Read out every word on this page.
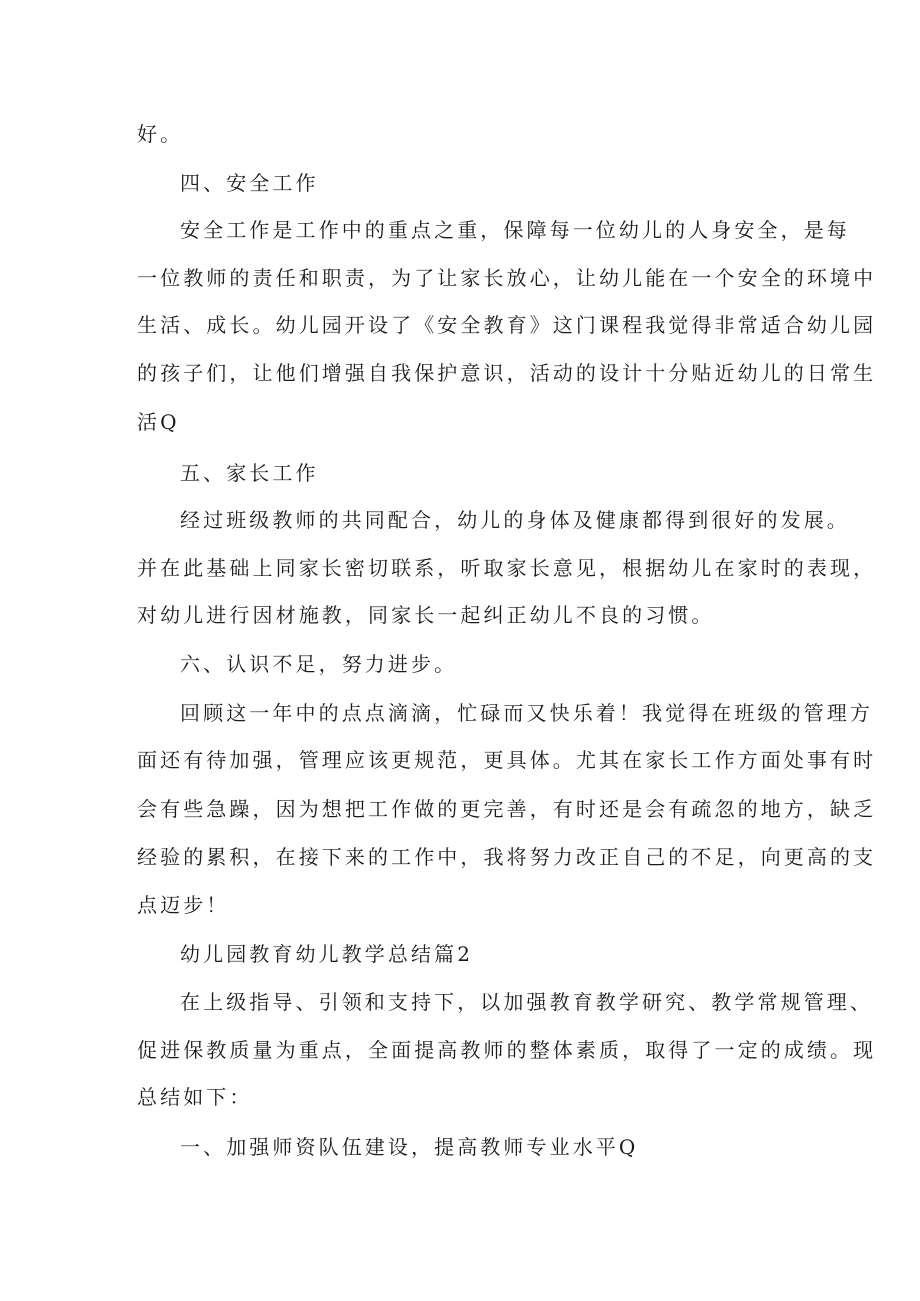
好。
四、安全工作
安全工作是工作中的重点之重，保障每一位幼儿的人身安全，是每
一位教师的责任和职责，为了让家长放心，让幼儿能在一个安全的环境中
生活、成长。幼儿园开设了《安全教育》这门课程我觉得非常适合幼儿园
的孩子们，让他们增强自我保护意识，活动的设计十分贴近幼儿的日常生
活Q
五、家长工作
经过班级教师的共同配合，幼儿的身体及健康都得到很好的发展。
并在此基础上同家长密切联系，听取家长意见，根据幼儿在家时的表现，
对幼儿进行因材施教，同家长一起纠正幼儿不良的习惯。
六、认识不足，努力进步。
回顾这一年中的点点滴滴，忙碌而又快乐着！我觉得在班级的管理方
面还有待加强，管理应该更规范，更具体。尤其在家长工作方面处事有时
会有些急躁，因为想把工作做的更完善，有时还是会有疏忽的地方，缺乏
经验的累积，在接下来的工作中，我将努力改正自己的不足，向更高的支
点迈步！
幼儿园教育幼儿教学总结篇2
在上级指导、引领和支持下，以加强教育教学研究、教学常规管理、
促进保教质量为重点，全面提高教师的整体素质，取得了一定的成绩。现
总结如下：
一、加强师资队伍建设，提高教师专业水平Q
